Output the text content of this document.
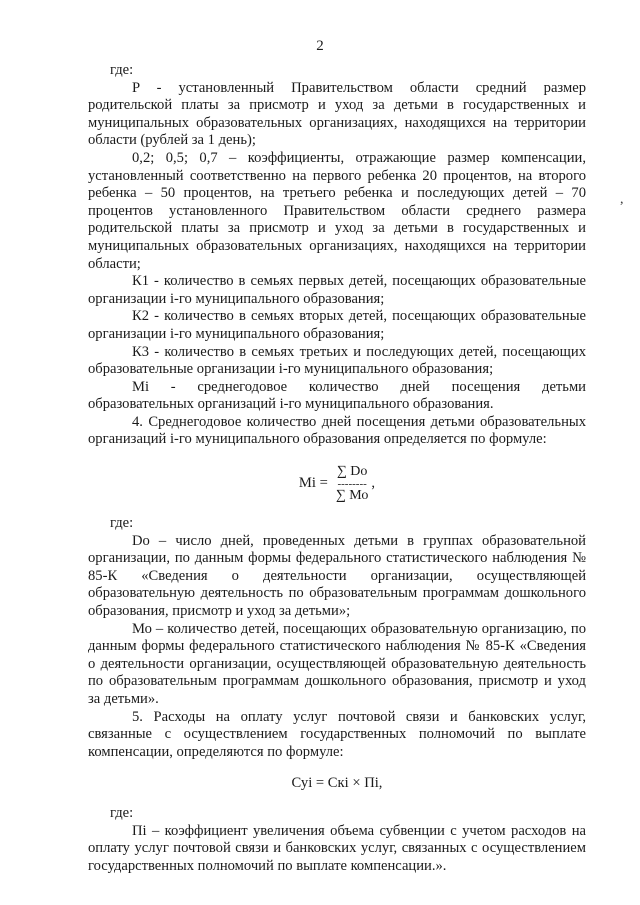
2
,

где:

P - установленный Правительством области средний размер родительской платы за присмотр и уход за детьми в государственных и муниципальных образовательных организациях, находящихся на территории области (рублей за 1 день);

0,2; 0,5; 0,7 – коэффициенты, отражающие размер компенсации, установленный соответственно на первого ребенка 20 процентов, на второго ребенка – 50 процентов, на третьего ребенка и последующих детей – 70 процентов установленного Правительством области среднего размера родительской платы за присмотр и уход за детьми в государственных и муниципальных образовательных организациях, находящихся на территории области;

К1 - количество в семьях первых детей, посещающих образовательные организации i-го муниципального образования;

К2 - количество в семьях вторых детей, посещающих образовательные организации i-го муниципального образования;

К3 - количество в семьях третьих и последующих детей, посещающих образовательные организации i-го муниципального образования;

Мi - среднегодовое количество дней посещения детьми образовательных организаций i-го муниципального образования.

4. Среднегодовое количество дней посещения детьми образовательных организаций i-го муниципального образования определяется по формуле:

Мi =
∑ Dо
--------
∑ Мо
,

где:

Dо – число дней, проведенных детьми в группах образовательной организации, по данным формы федерального статистического наблюдения № 85-К «Сведения о деятельности организации, осуществляющей образовательную деятельность по образовательным программам дошкольного образования, присмотр и уход за детьми»;

Мо – количество детей, посещающих образовательную организацию, по данным формы федерального статистического наблюдения № 85-К «Сведения о деятельности организации, осуществляющей образовательную деятельность по образовательным программам дошкольного образования, присмотр и уход за детьми».

5. Расходы на оплату услуг почтовой связи и банковских услуг, связанные с осуществлением государственных полномочий по выплате компенсации, определяются по формуле:

Суi = Скi × Пi,

где:

Пi – коэффициент увеличения объема субвенции с учетом расходов на оплату услуг почтовой связи и банковских услуг, связанных с осуществлением государственных полномочий по выплате компенсации.».
